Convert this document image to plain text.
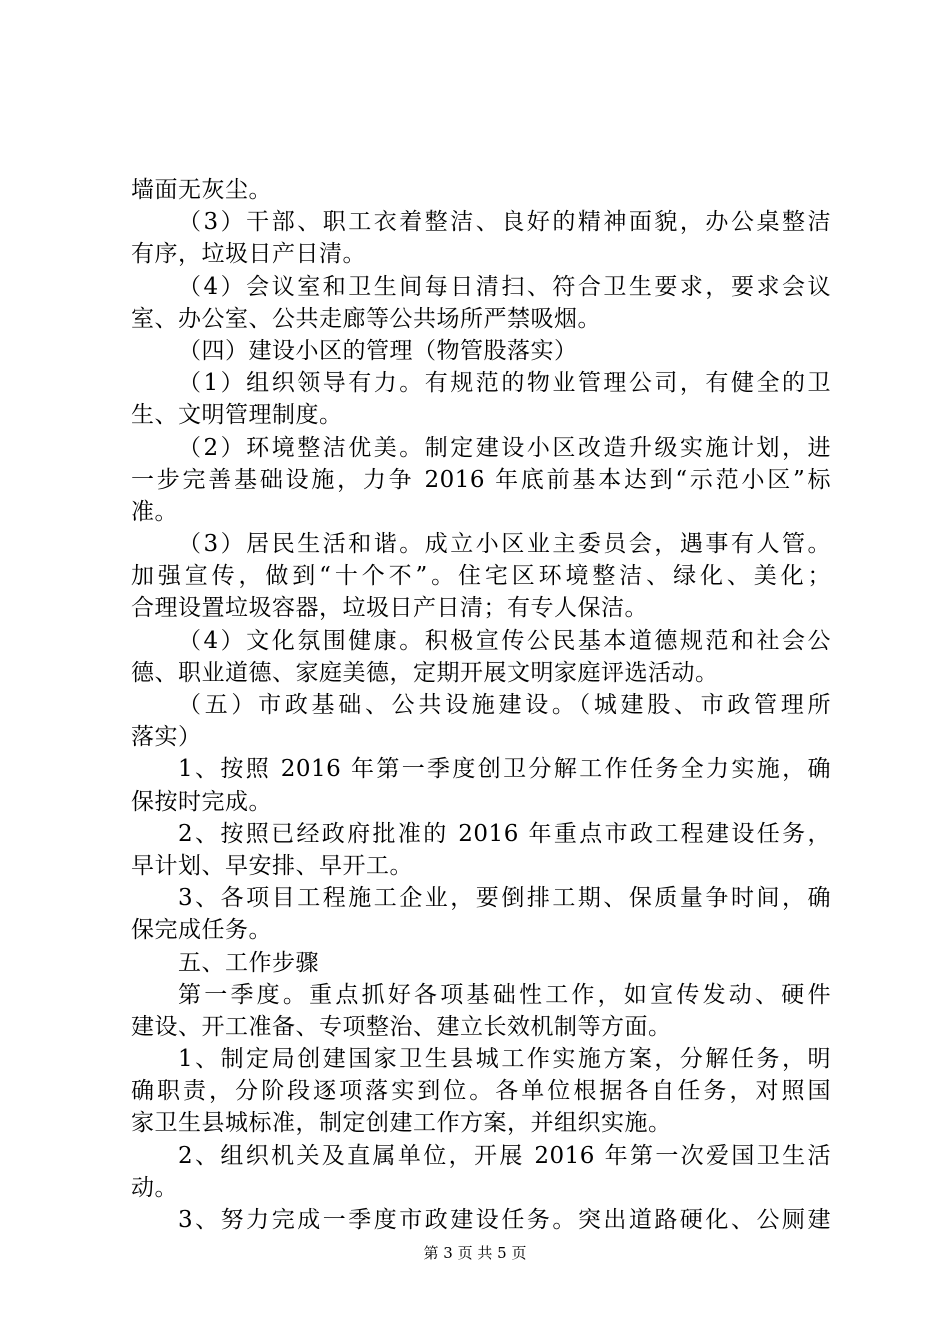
墙面无灰尘。
（3）干部、职工衣着整洁、良好的精神面貌，办公桌整洁
有序，垃圾日产日清。
（4）会议室和卫生间每日清扫、符合卫生要求，要求会议
室、办公室、公共走廊等公共场所严禁吸烟。
（四）建设小区的管理（物管股落实）
（1）组织领导有力。有规范的物业管理公司，有健全的卫
生、文明管理制度。
（2）环境整洁优美。制定建设小区改造升级实施计划，进
一步完善基础设施，力争 2016 年底前基本达到“示范小区”标
准。
（3）居民生活和谐。成立小区业主委员会，遇事有人管。
加强宣传，做到“十个不”。住宅区环境整洁、绿化、美化；
合理设置垃圾容器，垃圾日产日清；有专人保洁。
（4）文化氛围健康。积极宣传公民基本道德规范和社会公
德、职业道德、家庭美德，定期开展文明家庭评选活动。
（五）市政基础、公共设施建设。（城建股、市政管理所
落实）
1、按照 2016 年第一季度创卫分解工作任务全力实施，确
保按时完成。
2、按照已经政府批准的 2016 年重点市政工程建设任务，
早计划、早安排、早开工。
3、各项目工程施工企业，要倒排工期、保质量争时间，确
保完成任务。
五、工作步骤
第一季度。重点抓好各项基础性工作，如宣传发动、硬件
建设、开工准备、专项整治、建立长效机制等方面。
1、制定局创建国家卫生县城工作实施方案，分解任务，明
确职责，分阶段逐项落实到位。各单位根据各自任务，对照国
家卫生县城标准，制定创建工作方案，并组织实施。
2、组织机关及直属单位，开展 2016 年第一次爱国卫生活
动。
3、努力完成一季度市政建设任务。突出道路硬化、公厕建
第 3 页 共 5 页
